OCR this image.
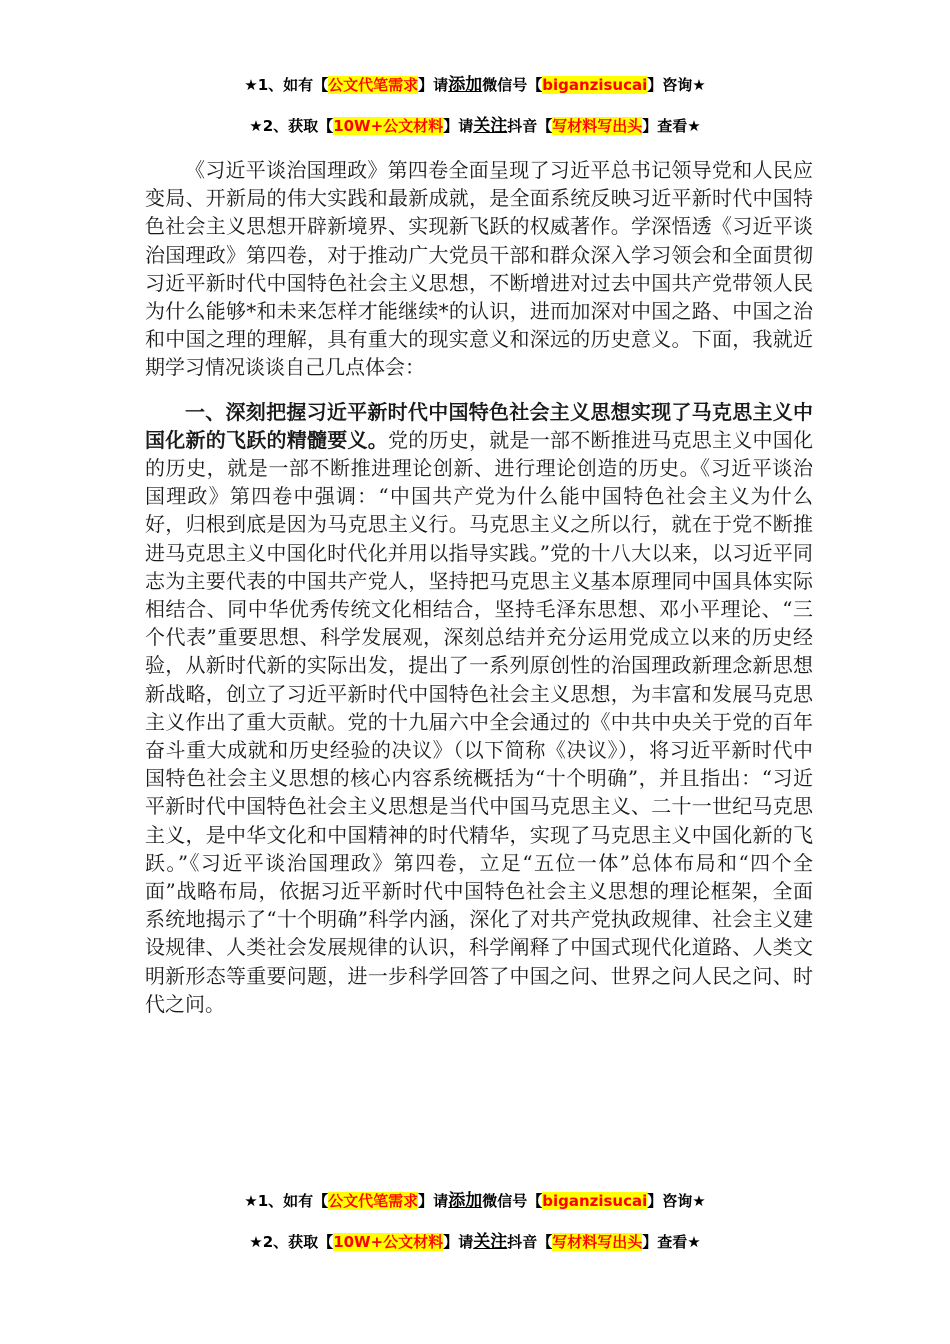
★1、如有【公文代笔需求】请添加微信号【biganzisucai】咨询★
★2、获取【10W+公文材料】请关注抖音【写材料写出头】查看★

《习近平谈治国理政》第四卷全面呈现了习近平总书记领导党和人民应变局、开新局的伟大实践和最新成就，是全面系统反映习近平新时代中国特色社会主义思想开辟新境界、实现新飞跃的权威著作。学深悟透《习近平谈治国理政》第四卷，对于推动广大党员干部和群众深入学习领会和全面贯彻习近平新时代中国特色社会主义思想，不断增进对过去中国共产党带领人民为什么能够*和未来怎样才能继续*的认识，进而加深对中国之路、中国之治和中国之理的理解，具有重大的现实意义和深远的历史意义。下面，我就近期学习情况谈谈自己几点体会：

一、深刻把握习近平新时代中国特色社会主义思想实现了马克思主义中国化新的飞跃的精髓要义。党的历史，就是一部不断推进马克思主义中国化的历史，就是一部不断推进理论创新、进行理论创造的历史。《习近平谈治国理政》第四卷中强调：“中国共产党为什么能中国特色社会主义为什么好，归根到底是因为马克思主义行。马克思主义之所以行，就在于党不断推进马克思主义中国化时代化并用以指导实践。”党的十八大以来，以习近平同志为主要代表的中国共产党人，坚持把马克思主义基本原理同中国具体实际相结合、同中华优秀传统文化相结合，坚持毛泽东思想、邓小平理论、“三个代表”重要思想、科学发展观，深刻总结并充分运用党成立以来的历史经验，从新时代新的实际出发，提出了一系列原创性的治国理政新理念新思想新战略，创立了习近平新时代中国特色社会主义思想，为丰富和发展马克思主义作出了重大贡献。党的十九届六中全会通过的《中共中央关于党的百年奋斗重大成就和历史经验的决议》（以下简称《决议》），将习近平新时代中国特色社会主义思想的核心内容系统概括为“十个明确”，并且指出：“习近平新时代中国特色社会主义思想是当代中国马克思主义、二十一世纪马克思主义，是中华文化和中国精神的时代精华，实现了马克思主义中国化新的飞跃。”《习近平谈治国理政》第四卷，立足“五位一体”总体布局和“四个全面”战略布局，依据习近平新时代中国特色社会主义思想的理论框架，全面系统地揭示了“十个明确”科学内涵，深化了对共产党执政规律、社会主义建设规律、人类社会发展规律的认识，科学阐释了中国式现代化道路、人类文明新形态等重要问题，进一步科学回答了中国之问、世界之问人民之问、时代之问。

★1、如有【公文代笔需求】请添加微信号【biganzisucai】咨询★
★2、获取【10W+公文材料】请关注抖音【写材料写出头】查看★
